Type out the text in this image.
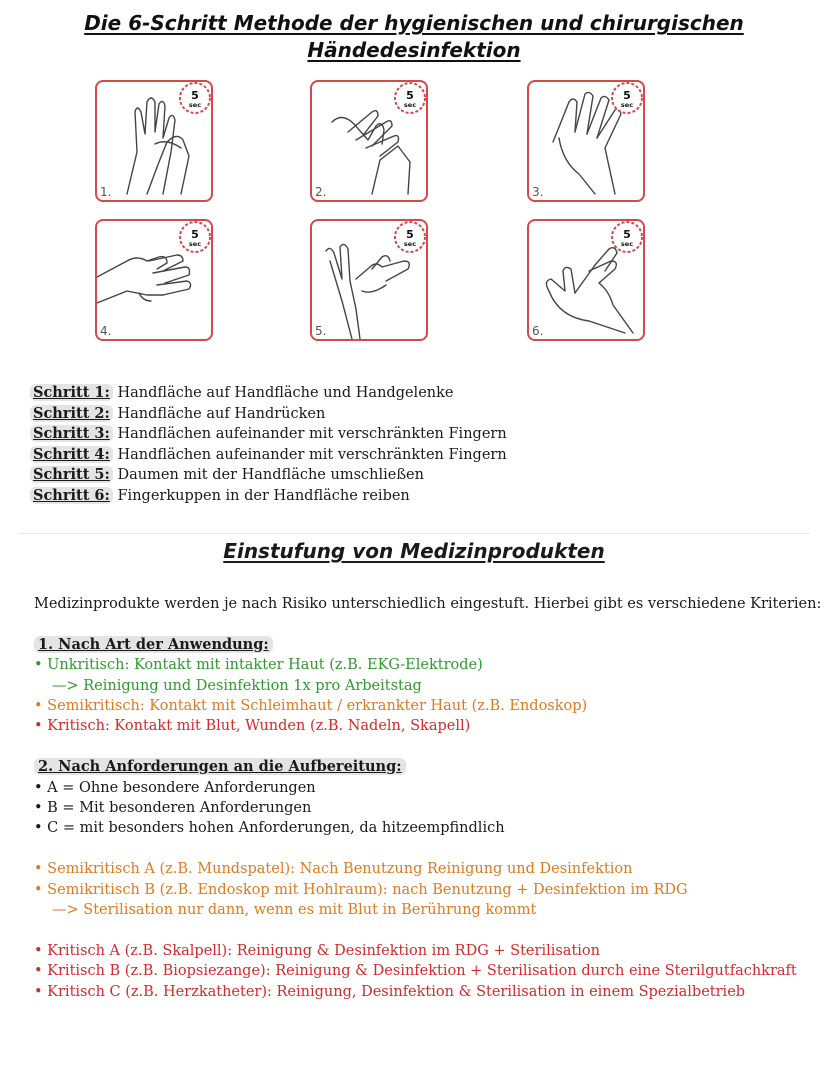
Die 6-Schritt Methode der hygienischen und chirurgischen
Händedesinfektion
5
sec
1.
5
sec
2.
5
sec
3.
5
sec
4.
5
sec
5.
5
sec
6.
Schritt 1: Handfläche auf Handfläche und Handgelenke
Schritt 2: Handfläche auf Handrücken
Schritt 3: Handflächen aufeinander mit verschränkten Fingern
Schritt 4: Handflächen aufeinander mit verschränkten Fingern
Schritt 5: Daumen mit der Handfläche umschließen
Schritt 6: Fingerkuppen in der Handfläche reiben
Einstufung von Medizinprodukten
Medizinprodukte werden je nach Risiko unterschiedlich eingestuft. Hierbei gibt es verschiedene Kriterien:
1. Nach Art der Anwendung:
• Unkritisch: Kontakt mit intakter Haut (z.B. EKG-Elektrode)
—> Reinigung und Desinfektion 1x pro Arbeitstag
• Semikritisch: Kontakt mit Schleimhaut / erkrankter Haut (z.B. Endoskop)
• Kritisch: Kontakt mit Blut, Wunden (z.B. Nadeln, Skapell)
2. Nach Anforderungen an die Aufbereitung:
• A = Ohne besondere Anforderungen
• B = Mit besonderen Anforderungen
• C = mit besonders hohen Anforderungen, da hitzeempfindlich
• Semikritisch A (z.B. Mundspatel): Nach Benutzung Reinigung und Desinfektion
• Semikritisch B (z.B. Endoskop mit Hohlraum): nach Benutzung + Desinfektion im RDG
—> Sterilisation nur dann, wenn es mit Blut in Berührung kommt
• Kritisch A (z.B. Skalpell): Reinigung & Desinfektion im RDG + Sterilisation
• Kritisch B (z.B. Biopsiezange): Reinigung & Desinfektion + Sterilisation durch eine Sterilgutfachkraft
• Kritisch C (z.B. Herzkatheter): Reinigung, Desinfektion & Sterilisation in einem Spezialbetrieb
